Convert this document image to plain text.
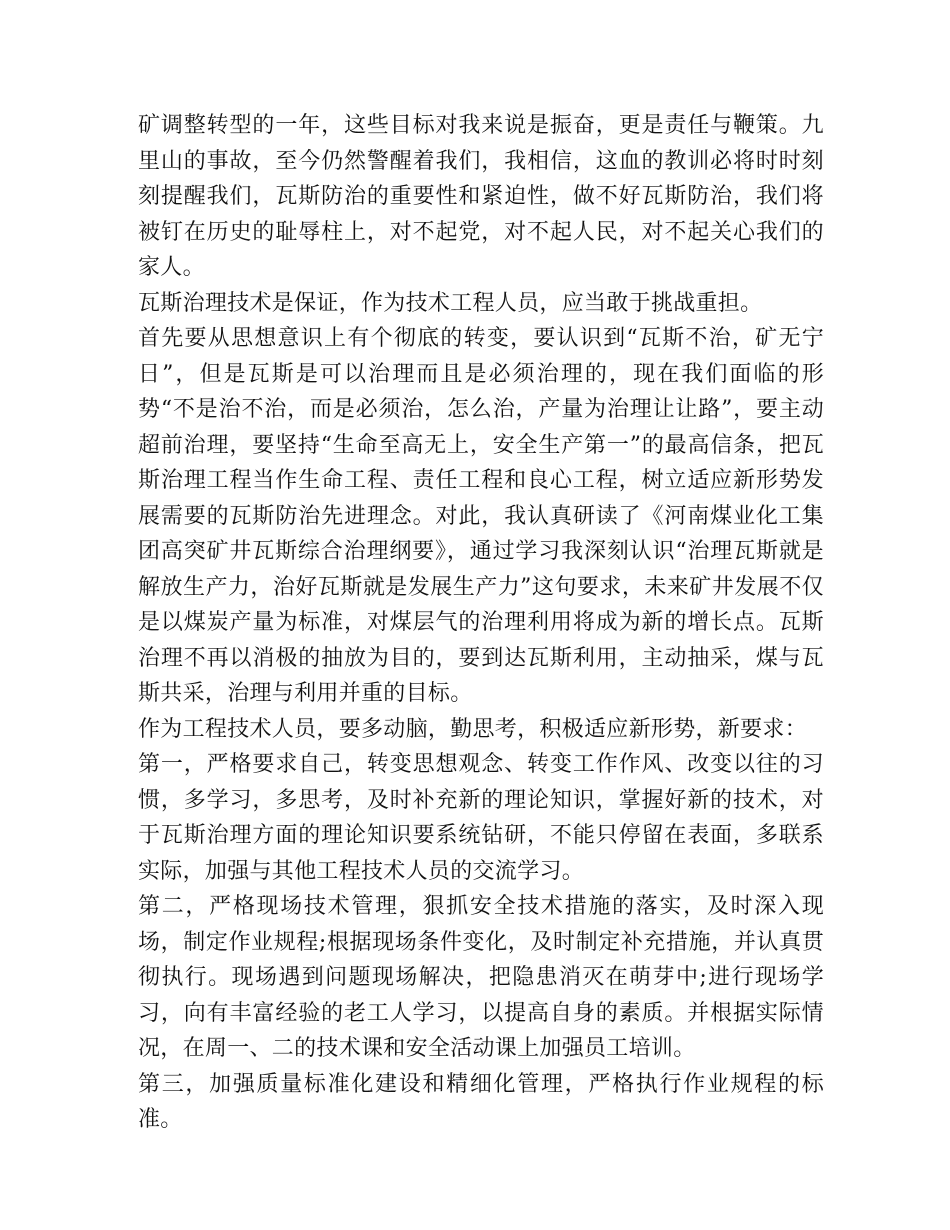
矿调整转型的一年，这些目标对我来说是振奋，更是责任与鞭策。九里山的事故，至今仍然警醒着我们，我相信，这血的教训必将时时刻刻提醒我们，瓦斯防治的重要性和紧迫性，做不好瓦斯防治，我们将被钉在历史的耻辱柱上，对不起党，对不起人民，对不起关心我们的家人。

瓦斯治理技术是保证，作为技术工程人员，应当敢于挑战重担。

首先要从思想意识上有个彻底的转变，要认识到“瓦斯不治，矿无宁日”，但是瓦斯是可以治理而且是必须治理的，现在我们面临的形势“不是治不治，而是必须治，怎么治，产量为治理让让路”，要主动超前治理，要坚持“生命至高无上，安全生产第一”的最高信条，把瓦斯治理工程当作生命工程、责任工程和良心工程，树立适应新形势发展需要的瓦斯防治先进理念。对此，我认真研读了《河南煤业化工集团高突矿井瓦斯综合治理纲要》，通过学习我深刻认识“治理瓦斯就是解放生产力，治好瓦斯就是发展生产力”这句要求，未来矿井发展不仅是以煤炭产量为标准，对煤层气的治理利用将成为新的增长点。瓦斯治理不再以消极的抽放为目的，要到达瓦斯利用，主动抽采，煤与瓦斯共采，治理与利用并重的目标。

作为工程技术人员，要多动脑，勤思考，积极适应新形势，新要求：

第一，严格要求自己，转变思想观念、转变工作作风、改变以往的习惯，多学习，多思考，及时补充新的理论知识，掌握好新的技术，对于瓦斯治理方面的理论知识要系统钻研，不能只停留在表面，多联系实际，加强与其他工程技术人员的交流学习。

第二，严格现场技术管理，狠抓安全技术措施的落实，及时深入现场，制定作业规程;根据现场条件变化，及时制定补充措施，并认真贯彻执行。现场遇到问题现场解决，把隐患消灭在萌芽中;进行现场学习，向有丰富经验的老工人学习，以提高自身的素质。并根据实际情况，在周一、二的技术课和安全活动课上加强员工培训。

第三，加强质量标准化建设和精细化管理，严格执行作业规程的标准。
